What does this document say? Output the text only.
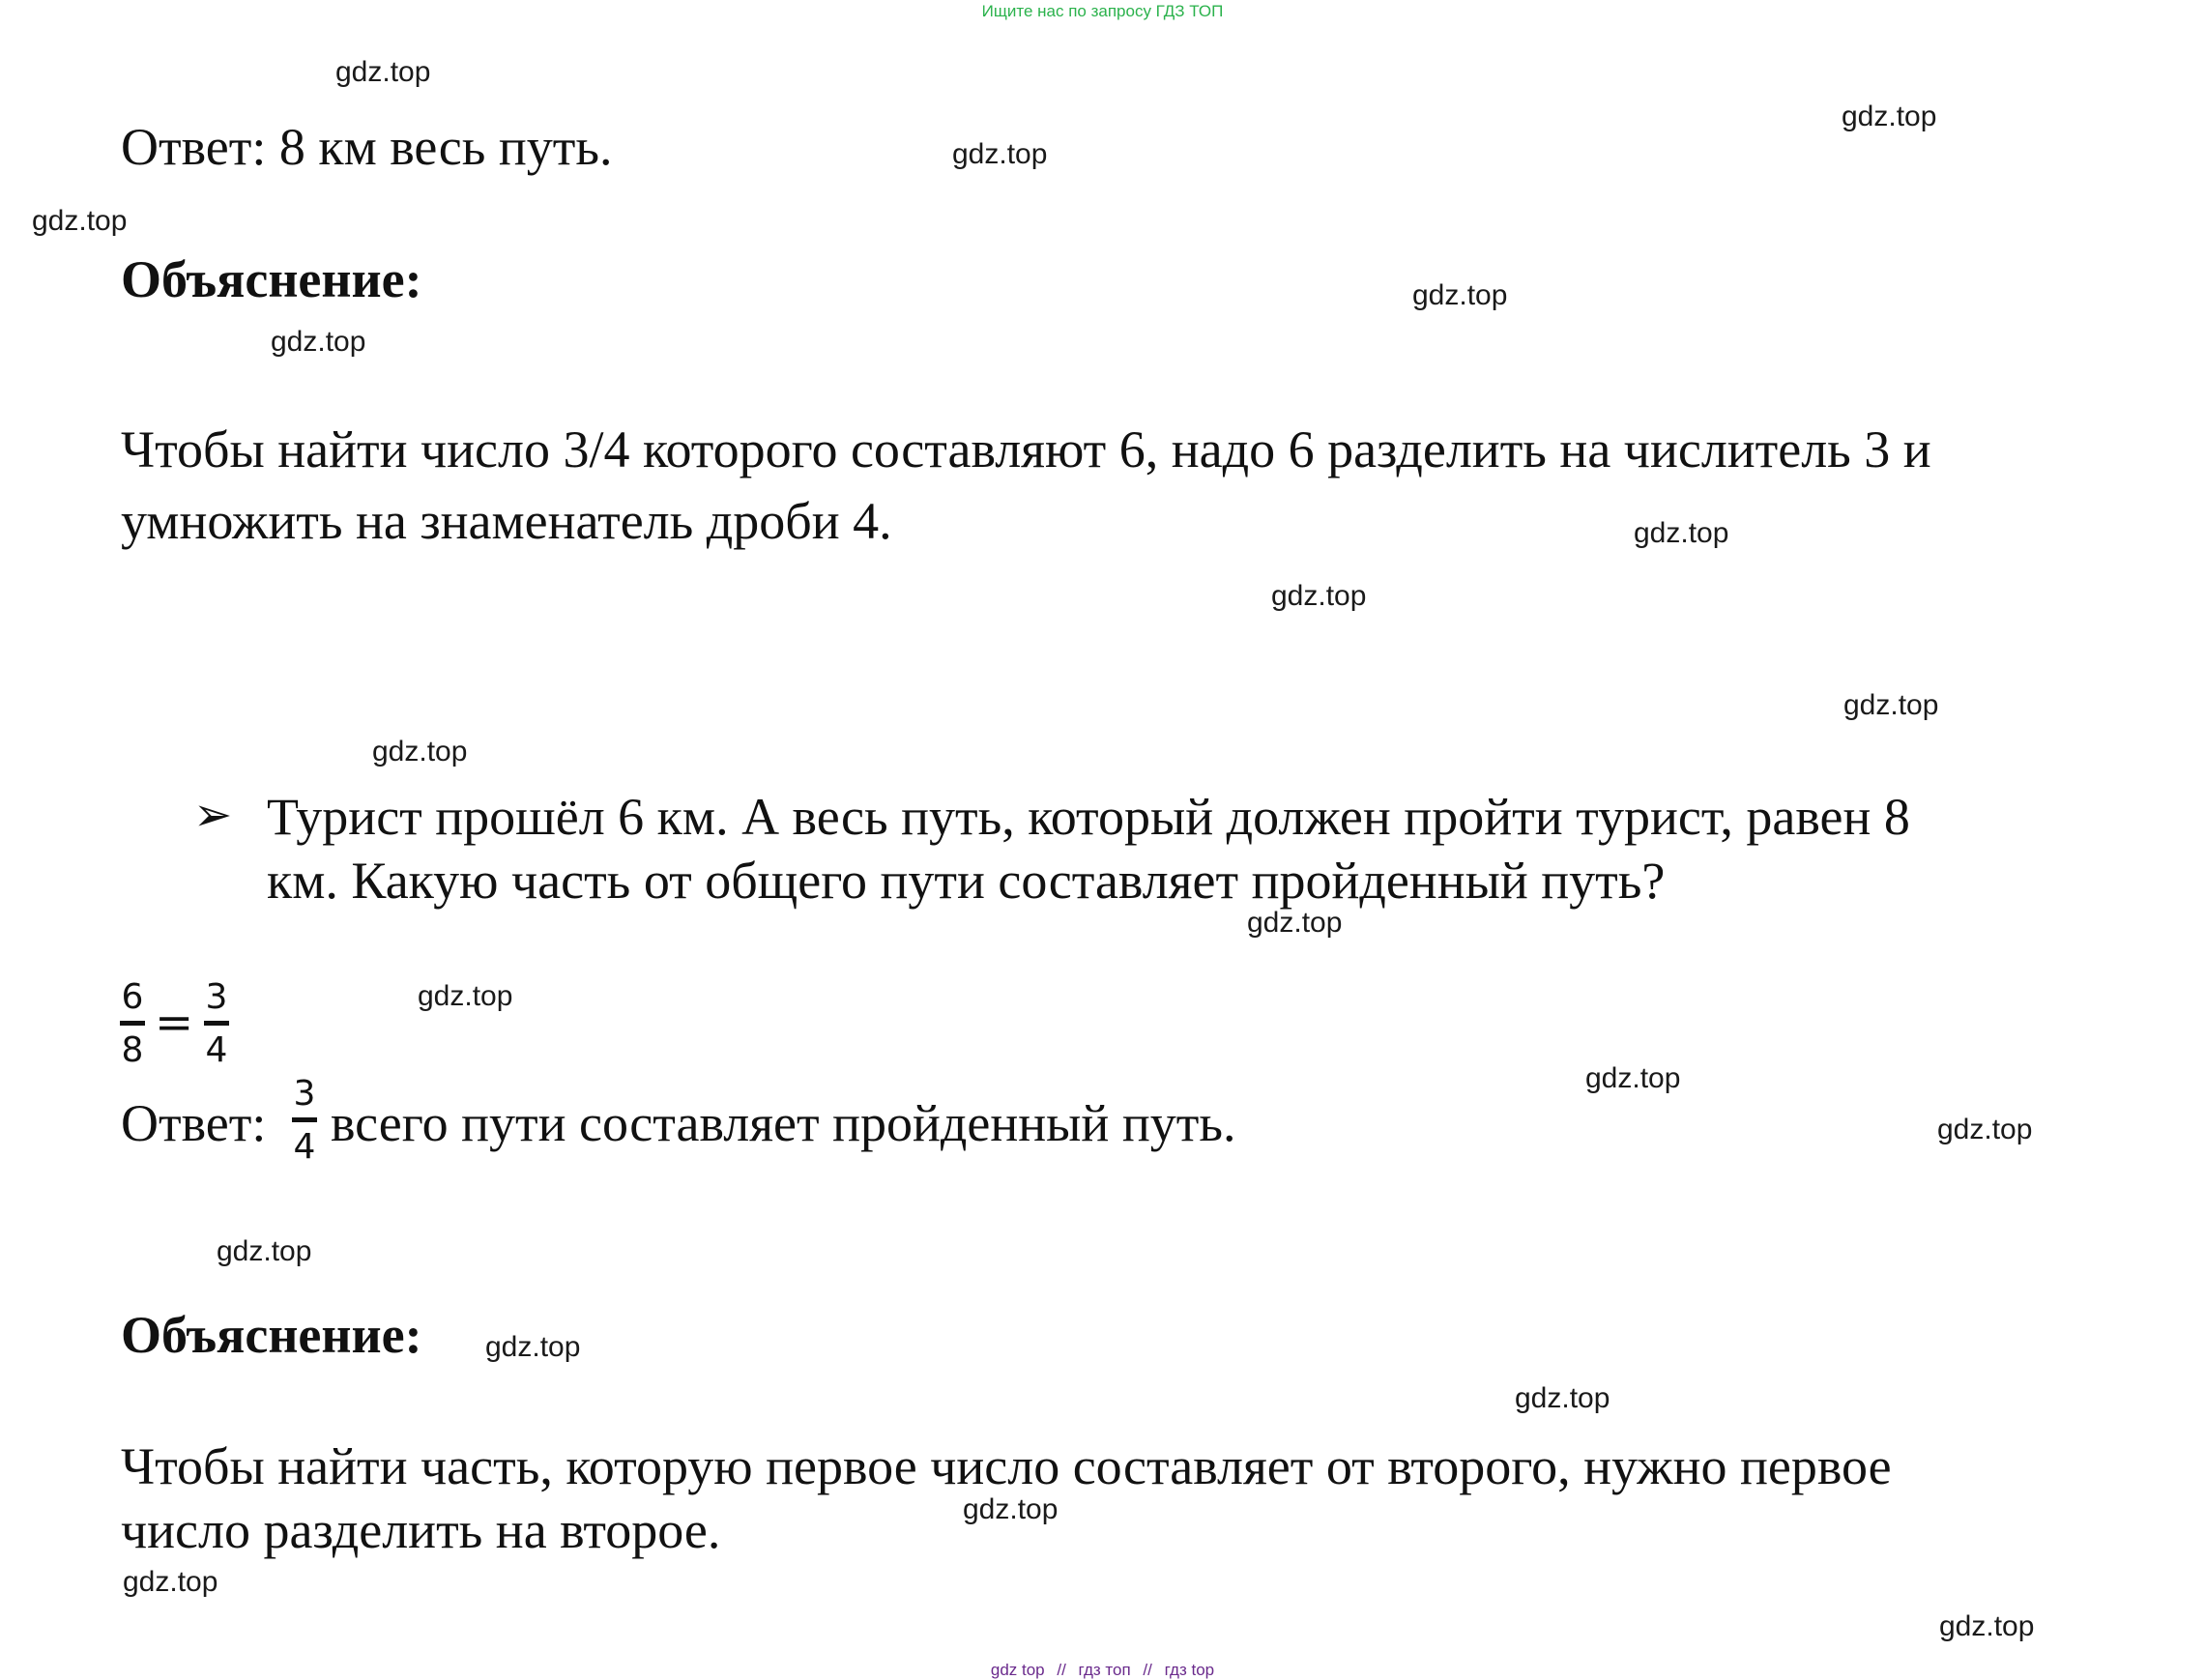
Ищите нас по запросу ГДЗ ТОП
Ответ: 8 км весь путь.
Объяснение:
Чтобы найти число 3/4 которого составляют 6, надо 6 разделить на числитель 3 и
умножить на знаменатель дроби 4.
➢ Турист прошёл 6 км. А весь путь, который должен пройти турист, равен 8
км. Какую часть от общего пути составляет пройденный путь?
6
8
= 3
4
Ответ:
3
4 всего пути составляет пройденный путь.
Объяснение:
Чтобы найти часть, которую первое число составляет от второго, нужно первое
число разделить на второе.
gdz.top
gdz.top
gdz.top
gdz.top
gdz.top
gdz.top
gdz.top
gdz.top
gdz.top
gdz.top
gdz.top
gdz.top
gdz.top
gdz.top
gdz.top
gdz.top
gdz.top
gdz.top
gdz.top
gdz.top
gdz top // гдз топ // гдз top
